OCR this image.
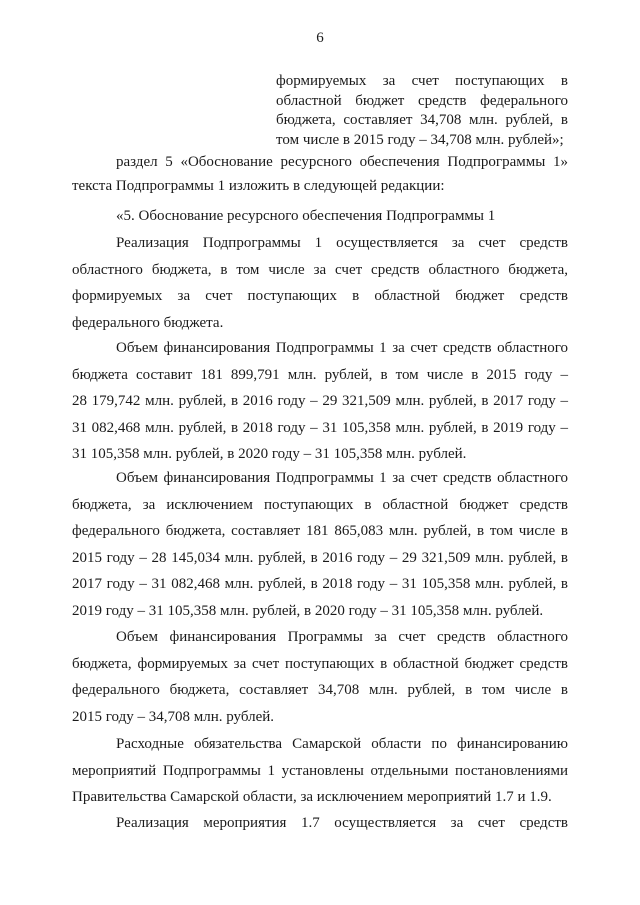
6
формируемых за счет поступающих в
областной бюджет средств федерального
бюджета, составляет 34,708 млн. рублей, в
том числе в 2015 году – 34,708 млн. рублей»;
раздел 5 «Обоснование ресурсного обеспечения Подпрограммы 1»
текста Подпрограммы 1 изложить в следующей редакции:
«5. Обоснование ресурсного обеспечения Подпрограммы 1
Реализация Подпрограммы 1 осуществляется за счет средств
областного бюджета, в том числе за счет средств областного бюджета,
формируемых за счет поступающих в областной бюджет средств
федерального бюджета.
Объем финансирования Подпрограммы 1 за счет средств областного
бюджета составит 181 899,791 млн. рублей, в том числе в 2015 году –
28 179,742 млн. рублей, в 2016 году – 29 321,509 млн. рублей, в 2017 году –
31 082,468 млн. рублей, в 2018 году – 31 105,358 млн. рублей, в 2019 году –
31 105,358 млн. рублей, в 2020 году – 31 105,358 млн. рублей.
Объем финансирования Подпрограммы 1 за счет средств областного
бюджета, за исключением поступающих в областной бюджет средств
федерального бюджета, составляет 181 865,083 млн. рублей, в том числе в
2015 году – 28 145,034 млн. рублей, в 2016 году – 29 321,509 млн. рублей, в
2017 году – 31 082,468 млн. рублей, в 2018 году – 31 105,358 млн. рублей, в
2019 году – 31 105,358 млн. рублей, в 2020 году – 31 105,358 млн. рублей.
Объем финансирования Программы за счет средств областного
бюджета, формируемых за счет поступающих в областной бюджет средств
федерального бюджета, составляет 34,708 млн. рублей, в том числе в
2015 году – 34,708 млн. рублей.
Расходные обязательства Самарской области по финансированию
мероприятий Подпрограммы 1 установлены отдельными постановлениями
Правительства Самарской области, за исключением мероприятий 1.7 и 1.9.
Реализация мероприятия 1.7 осуществляется за счет средств
